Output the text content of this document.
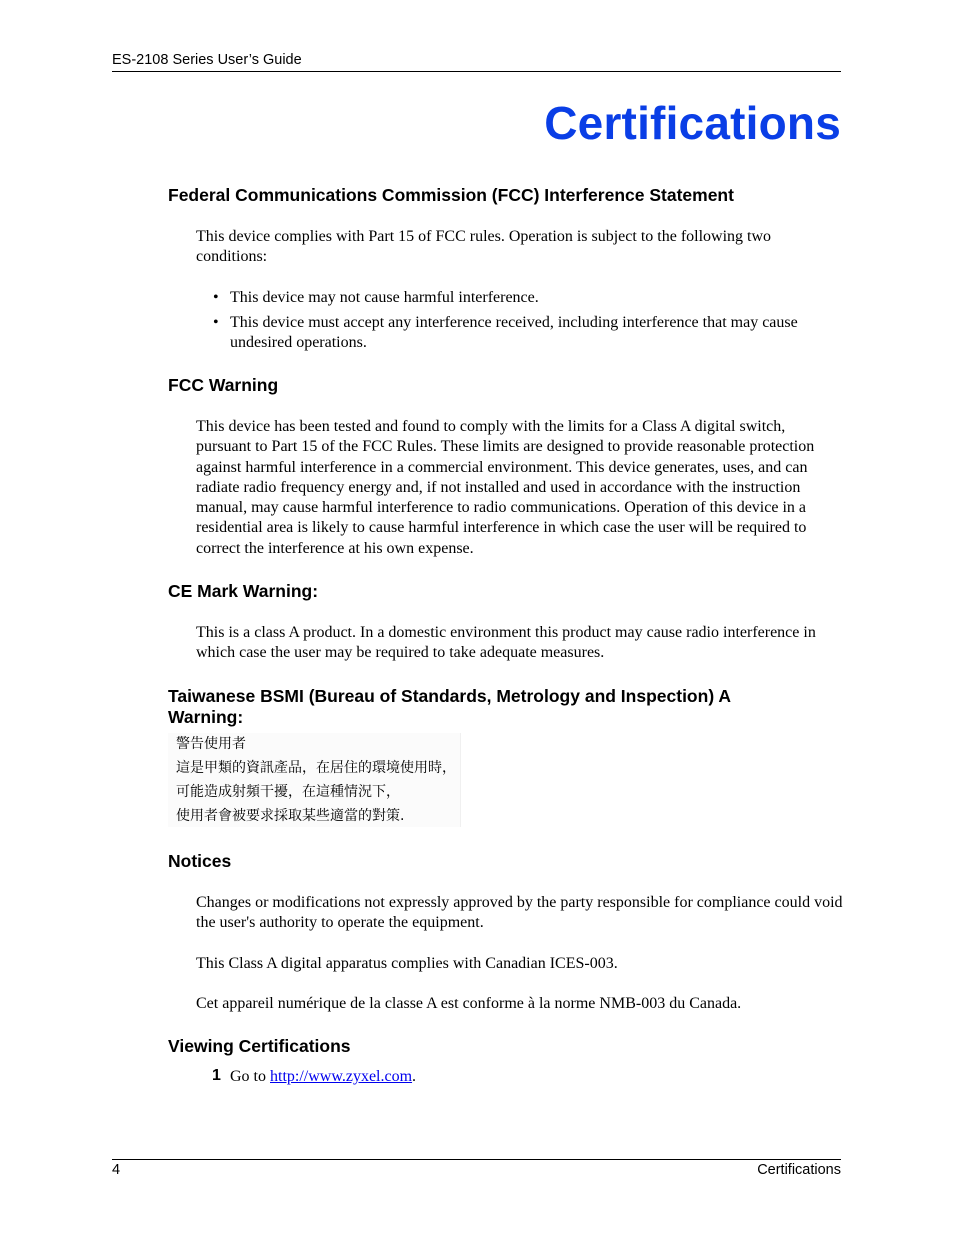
ES-2108 Series User’s Guide
Certifications
Federal Communications Commission (FCC) Interference Statement

This device complies with Part 15 of FCC rules. Operation is subject to the following two conditions:

• This device may not cause harmful interference.

• This device must accept any interference received, including interference that may cause undesired operations.

FCC Warning

This device has been tested and found to comply with the limits for a Class A digital switch, pursuant to Part 15 of the FCC Rules. These limits are designed to provide reasonable protection against harmful interference in a commercial environment. This device generates, uses, and can radiate radio frequency energy and, if not installed and used in accordance with the instruction manual, may cause harmful interference to radio communications. Operation of this device in a residential area is likely to cause harmful interference in which case the user will be required to correct the interference at his own expense.

CE Mark Warning:

This is a class A product. In a domestic environment this product may cause radio interference in which case the user may be required to take adequate measures.

Taiwanese BSMI (Bureau of Standards, Metrology and Inspection) A
Warning:
警告使用者
這是甲類的資訊產品，在居住的環境使用時，
可能造成射頻干擾，在這種情況下，
使用者會被要求採取某些適當的對策.
Notices

Changes or modifications not expressly approved by the party responsible for compliance could void the user's authority to operate the equipment.

This Class A digital apparatus complies with Canadian ICES-003.

Cet appareil numérique de la classe A est conforme à la norme NMB-003 du Canada.

Viewing Certifications
1 Go to http://www.zyxel.com.
4	Certifications
